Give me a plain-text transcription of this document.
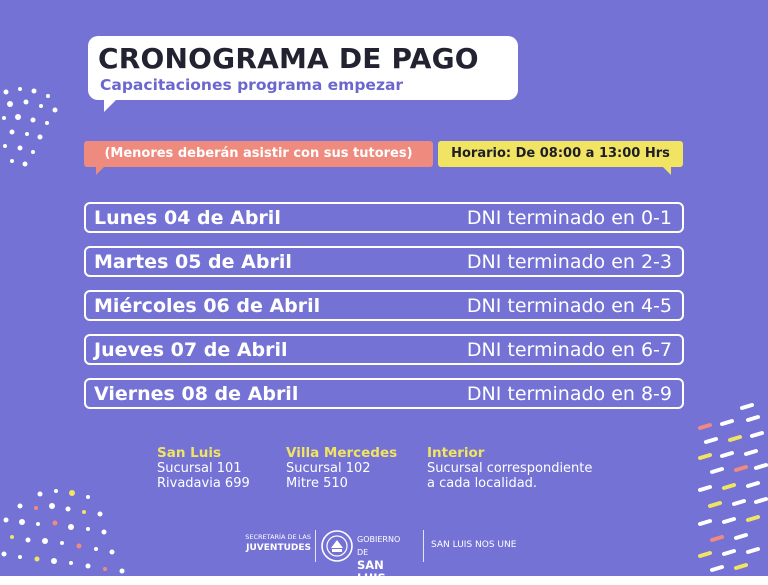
CRONOGRAMA DE PAGO

Capacitaciones programa empezar

(Menores deberán asistir con sus tutores)	Horario: De 08:00 a 13:00 Hrs
Lunes 04 de Abril	DNI terminado en 0-1
Martes 05 de Abril	DNI terminado en 2-3
Miércoles 06 de Abril	DNI terminado en 4-5
Jueves 07 de Abril	DNI terminado en 6-7
Viernes 08 de Abril	DNI terminado en 8-9
San Luis
Sucursal 101
Rivadavia 699
Villa Mercedes
Sucursal 102
Mitre 510
Interior
Sucursal correspondiente
a cada localidad.
SECRETARÍA DE LAS
JUVENTUDES
GOBIERNO DE
SAN LUIS
SAN LUIS NOS UNE
